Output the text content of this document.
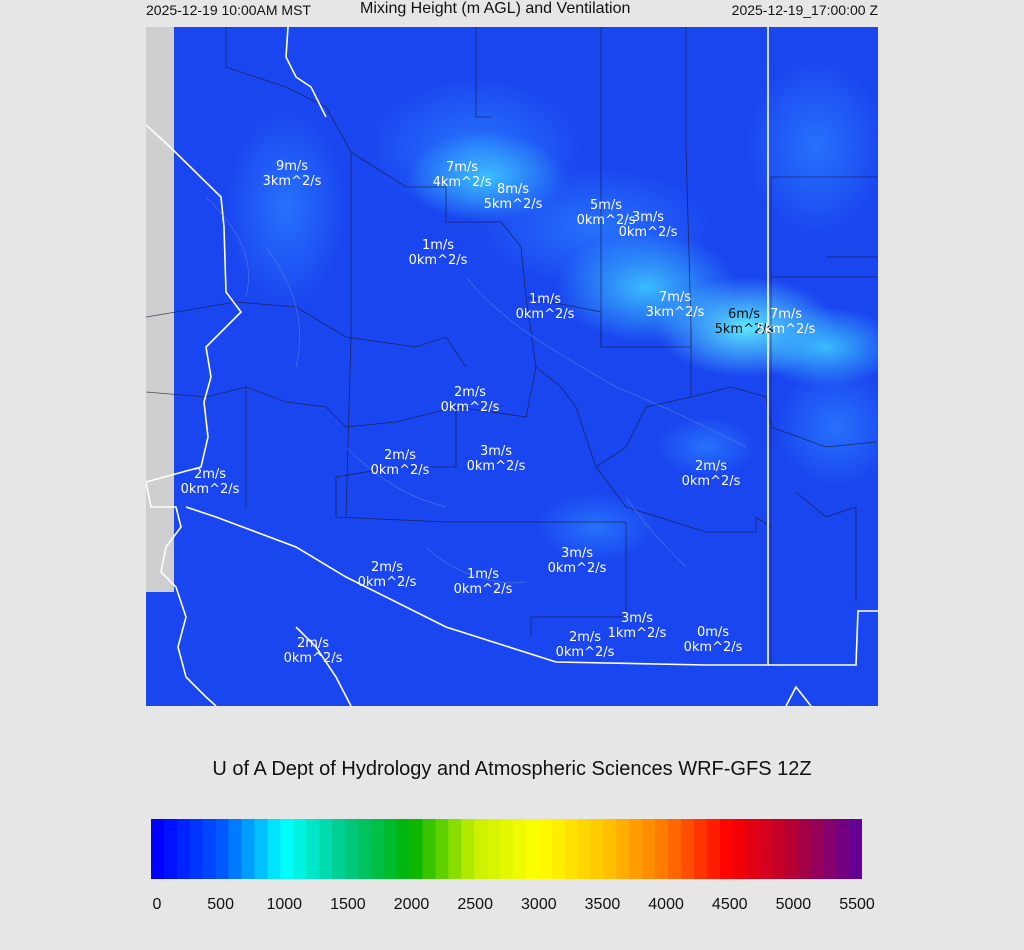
2025-12-19 10:00AM MST	Mixing Height (m AGL) and Ventilation	2025-12-19_17:00:00 Z
9m/s
3km^2/s
7m/s
4km^2/s 8m/s
5km^2/s	5m/s
0km^2/s
3m/s
0km^2/s
1m/s
0km^2/s
1m/s
0km^2/s
7m/s
3km^2/s	6m/s
5km^2/s
7m/s
5km^2/s
2m/s
0km^2/s
2m/s
0km^2/s
3m/s
0km^2/s	2m/s
0km^2/s
2m/s
0km^2/s
2m/s
0km^2/s
3m/s
0km^2/s
1m/s
0km^2/s
3m/s
1km^2/s
2m/s
0km^2/s
0m/s
0km^2/s
2m/s
0km^2/s
U of A Dept of Hydrology and Atmospheric Sciences WRF-GFS 12Z
0	500 1000 1500 2000 2500 3000 3500 4000 4500 5000 5500
